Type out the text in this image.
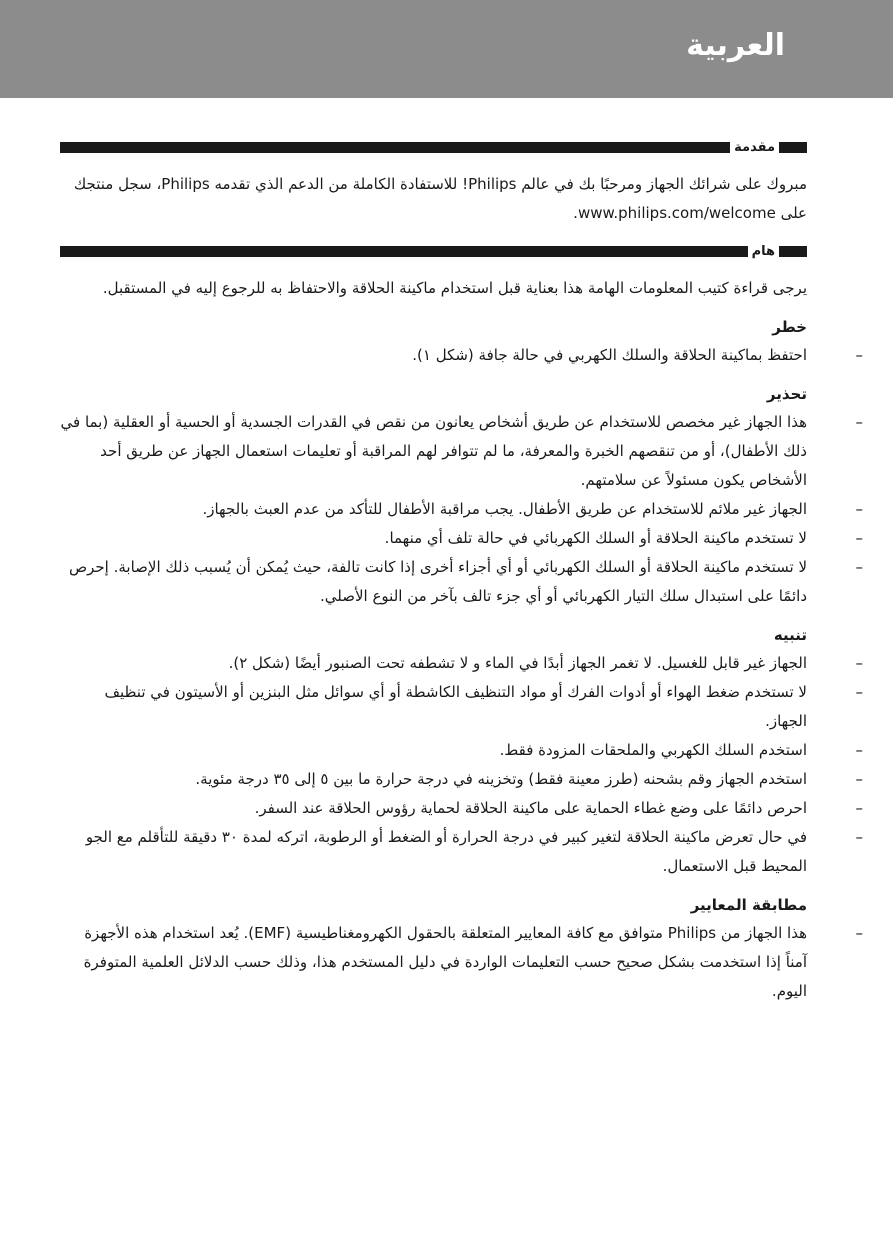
العربية
مقدمة

مبروك على شرائك الجهاز ومرحبًا بك في عالم Philips! للاستفادة الكاملة من الدعم الذي تقدمه Philips، سجل منتجك على www.philips.com/welcome.

هام

يرجى قراءة كتيب المعلومات الهامة هذا بعناية قبل استخدام ماكينة الحلاقة والاحتفاظ به للرجوع إليه في المستقبل.

خطر

– احتفظ بماكينة الحلاقة والسلك الكهربي في حالة جافة (شكل ١).

تحذير

– هذا الجهاز غير مخصص للاستخدام عن طريق أشخاص يعانون من نقص في القدرات الجسدية أو الحسية أو العقلية (بما في ذلك الأطفال)، أو من تنقصهم الخبرة والمعرفة، ما لم تتوافر لهم المراقبة أو تعليمات استعمال الجهاز عن طريق أحد الأشخاص يكون مسئولاً عن سلامتهم.
– الجهاز غير ملائم للاستخدام عن طريق الأطفال. يجب مراقبة الأطفال للتأكد من عدم العبث بالجهاز.
– لا تستخدم ماكينة الحلاقة أو السلك الكهربائي في حالة تلف أي منهما.
– لا تستخدم ماكينة الحلاقة أو السلك الكهربائي أو أي أجزاء أخرى إذا كانت تالفة، حيث يُمكن أن يُسبب ذلك الإصابة. إحرص دائمًا على استبدال سلك التيار الكهربائي أو أي جزء تالف بآخر من النوع الأصلي.

تنبيه

– الجهاز غير قابل للغسيل. لا تغمر الجهاز أبدًا في الماء و لا تشطفه تحت الصنبور أيضًا (شكل ٢).
– لا تستخدم ضغط الهواء أو أدوات الفرك أو مواد التنظيف الكاشطة أو أي سوائل مثل البنزين أو الأسيتون في تنظيف الجهاز.
– استخدم السلك الكهربي والملحقات المزودة فقط.
– استخدم الجهاز وقم بشحنه (طرز معينة فقط) وتخزينه في درجة حرارة ما بين ٥ إلى ٣٥ درجة مئوية.
– احرص دائمًا على وضع غطاء الحماية على ماكينة الحلاقة لحماية رؤوس الحلاقة عند السفر.
– في حال تعرض ماكينة الحلاقة لتغير كبير في درجة الحرارة أو الضغط أو الرطوبة، اتركه لمدة ٣٠ دقيقة للتأقلم مع الجو المحيط قبل الاستعمال.

مطابقة المعايير

– هذا الجهاز من Philips متوافق مع كافة المعايير المتعلقة بالحقول الكهرومغناطيسية (EMF). يُعد استخدام هذه الأجهزة آمناً إذا استخدمت بشكل صحيح حسب التعليمات الواردة في دليل المستخدم هذا، وذلك حسب الدلائل العلمية المتوفرة اليوم.
